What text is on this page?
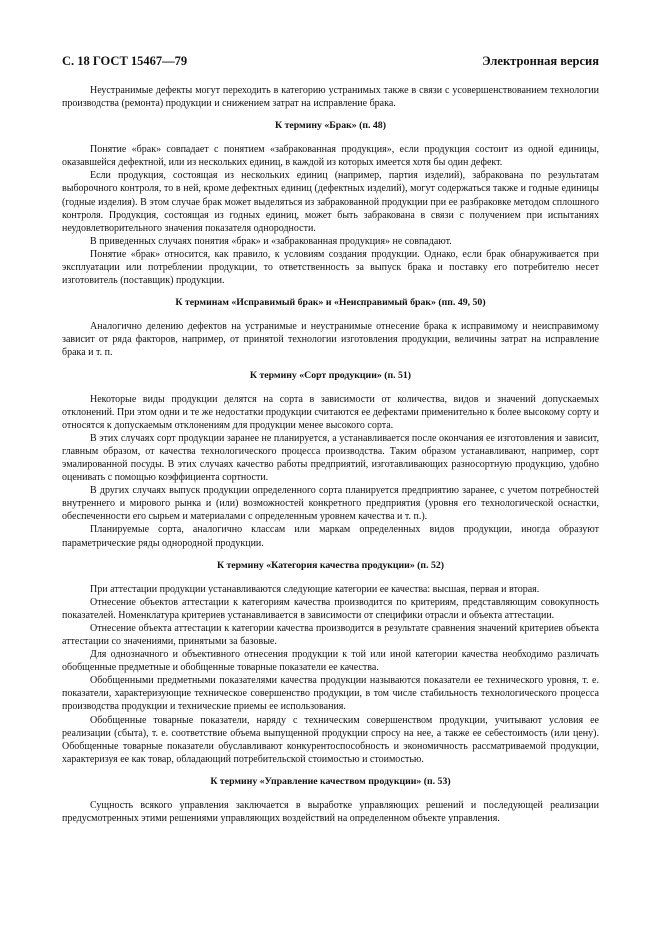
С. 18 ГОСТ 15467—79	Электронная версия

Неустранимые дефекты могут переходить в категорию устранимых также в связи с усовершенствованием технологии производства (ремонта) продукции и снижением затрат на исправление брака.

К термину «Брак» (п. 48)

Понятие «брак» совпадает с понятием «забракованная продукция», если продукция состоит из одной единицы, оказавшейся дефектной, или из нескольких единиц, в каждой из которых имеется хотя бы один дефект.

Если продукция, состоящая из нескольких единиц (например, партия изделий), забракована по результатам выборочного контроля, то в ней, кроме дефектных единиц (дефектных изделий), могут содержаться также и годные единицы (годные изделия). В этом случае брак может выделяться из забракованной продукции при ее разбраковке методом сплошного контроля. Продукция, состоящая из годных единиц, может быть забракована в связи с получением при испытаниях неудовлетворительного значения показателя однородности.

В приведенных случаях понятия «брак» и «забракованная продукция» не совпадают.

Понятие «брак» относится, как правило, к условиям создания продукции. Однако, если брак обнаруживается при эксплуатации или потреблении продукции, то ответственность за выпуск брака и поставку его потребителю несет изготовитель (поставщик) продукции.

К терминам «Исправимый брак» и «Неисправимый брак» (пп. 49, 50)

Аналогично делению дефектов на устранимые и неустранимые отнесение брака к исправимому и неисправимому зависит от ряда факторов, например, от принятой технологии изготовления продукции, величины затрат на исправление брака и т. п.

К термину «Сорт продукции» (п. 51)

Некоторые виды продукции делятся на сорта в зависимости от количества, видов и значений допускаемых отклонений. При этом одни и те же недостатки продукции считаются ее дефектами применительно к более высокому сорту и относятся к допускаемым отклонениям для продукции менее высокого сорта.

В этих случаях сорт продукции заранее не планируется, а устанавливается после окончания ее изготовления и зависит, главным образом, от качества технологического процесса производства. Таким образом устанавливают, например, сорт эмалированной посуды. В этих случаях качество работы предприятий, изготавливающих разносортную продукцию, удобно оценивать с помощью коэффициента сортности.

В других случаях выпуск продукции определенного сорта планируется предприятию заранее, с учетом потребностей внутреннего и мирового рынка и (или) возможностей конкретного предприятия (уровня его технологической оснастки, обеспеченности его сырьем и материалами с определенным уровнем качества и т. п.).

Планируемые сорта, аналогично классам или маркам определенных видов продукции, иногда образуют параметрические ряды однородной продукции.

К термину «Категория качества продукции» (п. 52)

При аттестации продукции устанавливаются следующие категории ее качества: высшая, первая и вторая.

Отнесение объектов аттестации к категориям качества производится по критериям, представляющим совокупность показателей. Номенклатура критериев устанавливается в зависимости от специфики отрасли и объекта аттестации.

Отнесение объекта аттестации к категории качества производится в результате сравнения значений критериев объекта аттестации со значениями, принятыми за базовые.

Для однозначного и объективного отнесения продукции к той или иной категории качества необходимо различать обобщенные предметные и обобщенные товарные показатели ее качества.

Обобщенными предметными показателями качества продукции называются показатели ее технического уровня, т. е. показатели, характеризующие техническое совершенство продукции, в том числе стабильность технологического процесса производства продукции и технические приемы ее использования.

Обобщенные товарные показатели, наряду с техническим совершенством продукции, учитывают условия ее реализации (сбыта), т. е. соответствие объема выпущенной продукции спросу на нее, а также ее себестоимость (или цену). Обобщенные товарные показатели обуславливают конкурентоспособность и экономичность рассматриваемой продукции, характеризуя ее как товар, обладающий потребительской стоимостью и стоимостью.

К термину «Управление качеством продукции» (п. 53)

Сущность всякого управления заключается в выработке управляющих решений и последующей реализации предусмотренных этими решениями управляющих воздействий на определенном объекте управления.
